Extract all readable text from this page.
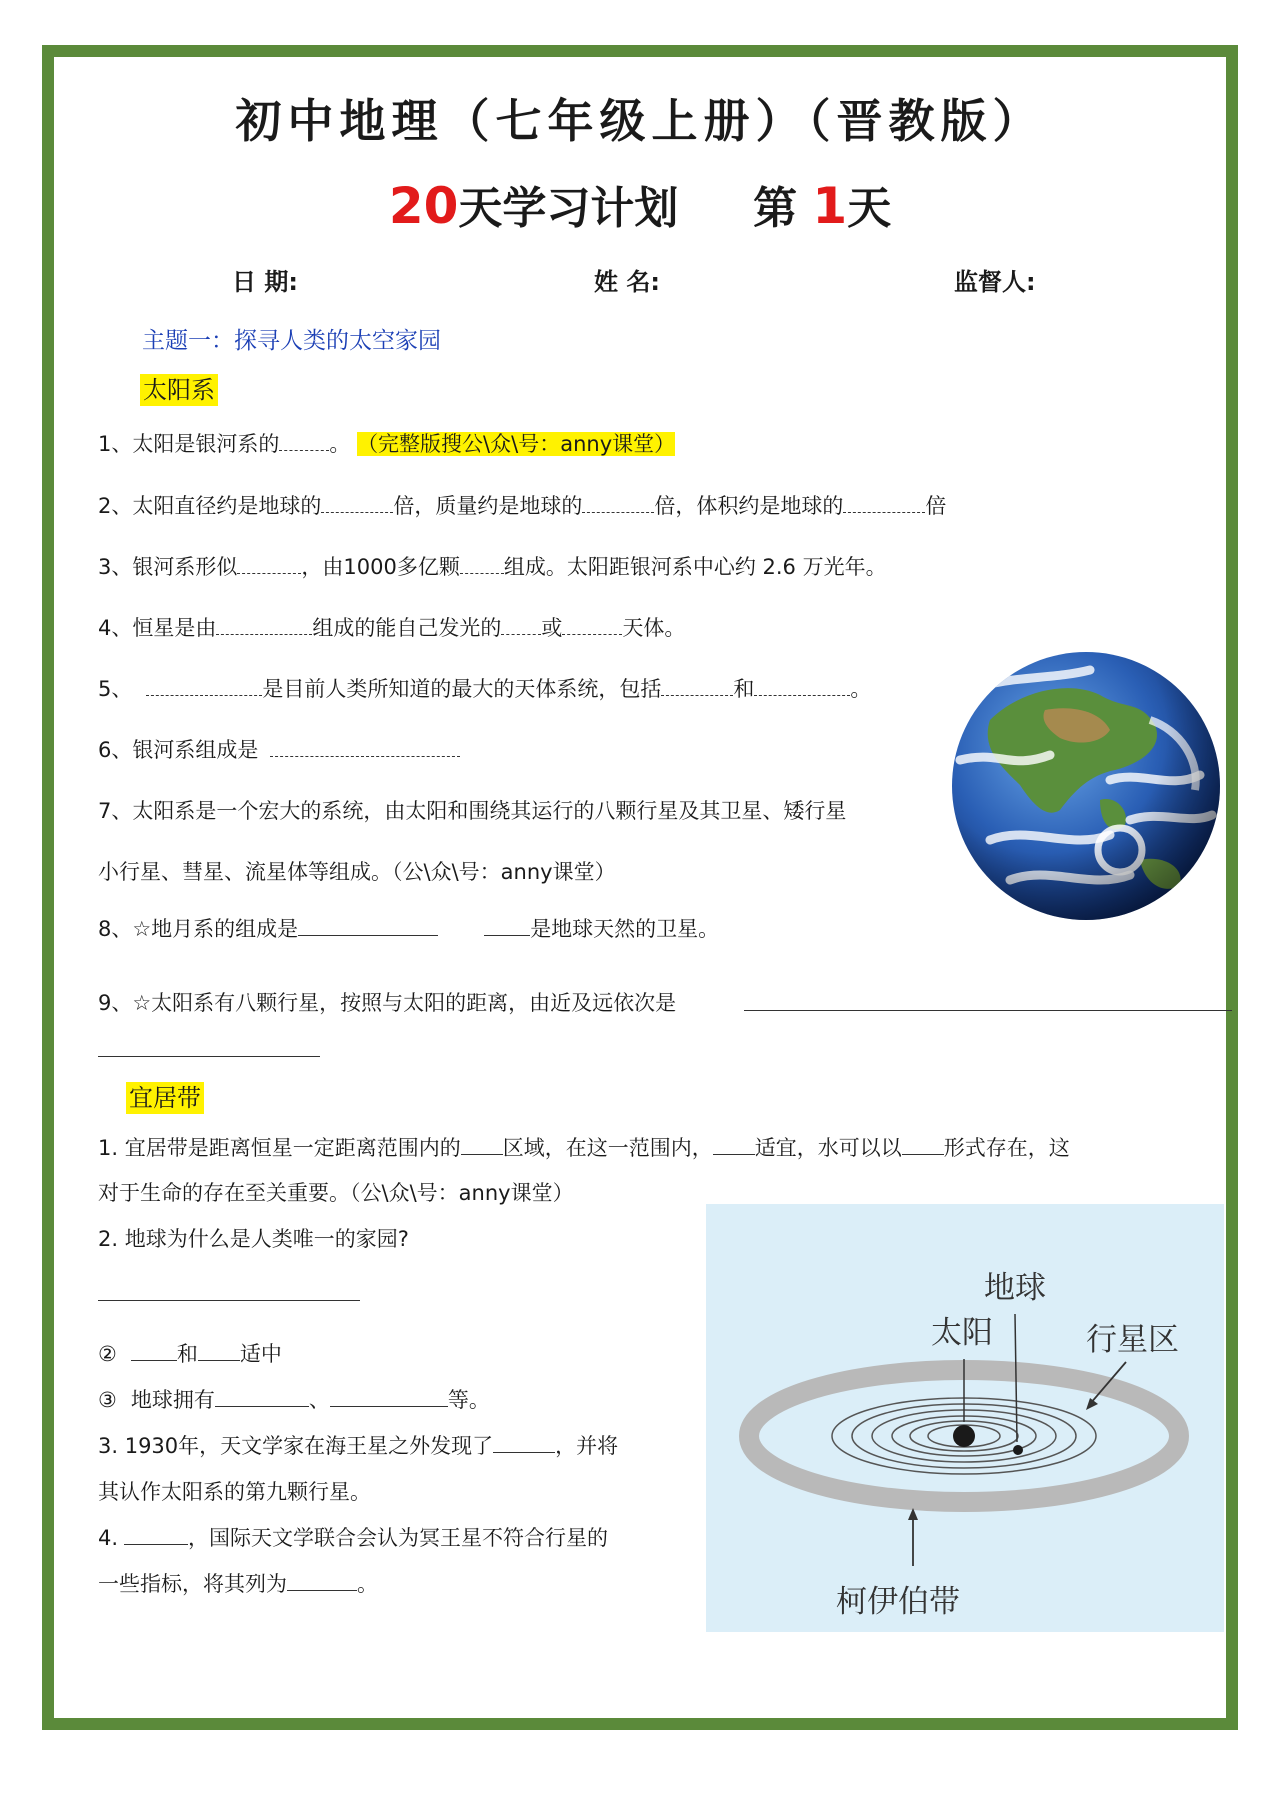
初中地理（七年级上册）（晋教版）
20天学习计划 第 1天
日 期:	姓 名:	监督人:
主题一：探寻人类的太空家园
太阳系
1、太阳是银河系的 。 （完整版搜公\众\号：anny课堂）
2、太阳直径约是地球的	倍，质量约是地球的	倍，体积约是地球的	倍
3、银河系形似	，由1000多亿颗 组成。太阳距银河系中心约 2.6 万光年。
4、恒星是由	组成的能自己发光的 或	天体。
5、	是目前人类所知道的最大的天体系统，包括	和	。
6、银河系组成是
7、太阳系是一个宏大的系统，由太阳和围绕其运行的八颗行星及其卫星、矮行星
小行星、彗星、流星体等组成。（公\众\号：anny课堂）
8、☆地月系的组成是	是地球天然的卫星。
9、☆太阳系有八颗行星，按照与太阳的距离，由近及远依次是
宜居带
1. 宜居带是距离恒星一定距离范围内的 区域，在这一范围内， 适宜，水可以以 形式存在，这
对于生命的存在至关重要。（公\众\号：anny课堂）
2. 地球为什么是人类唯一的家园?
②	和 适中
③ 地球拥有	、	等。
3. 1930年，天文学家在海王星之外发现了	，并将
其认作太阳系的第九颗行星。
4.	，国际天文学联合会认为冥王星不符合行星的
一些指标，将其列为	。
地球
太阳	行星区
柯伊伯带
